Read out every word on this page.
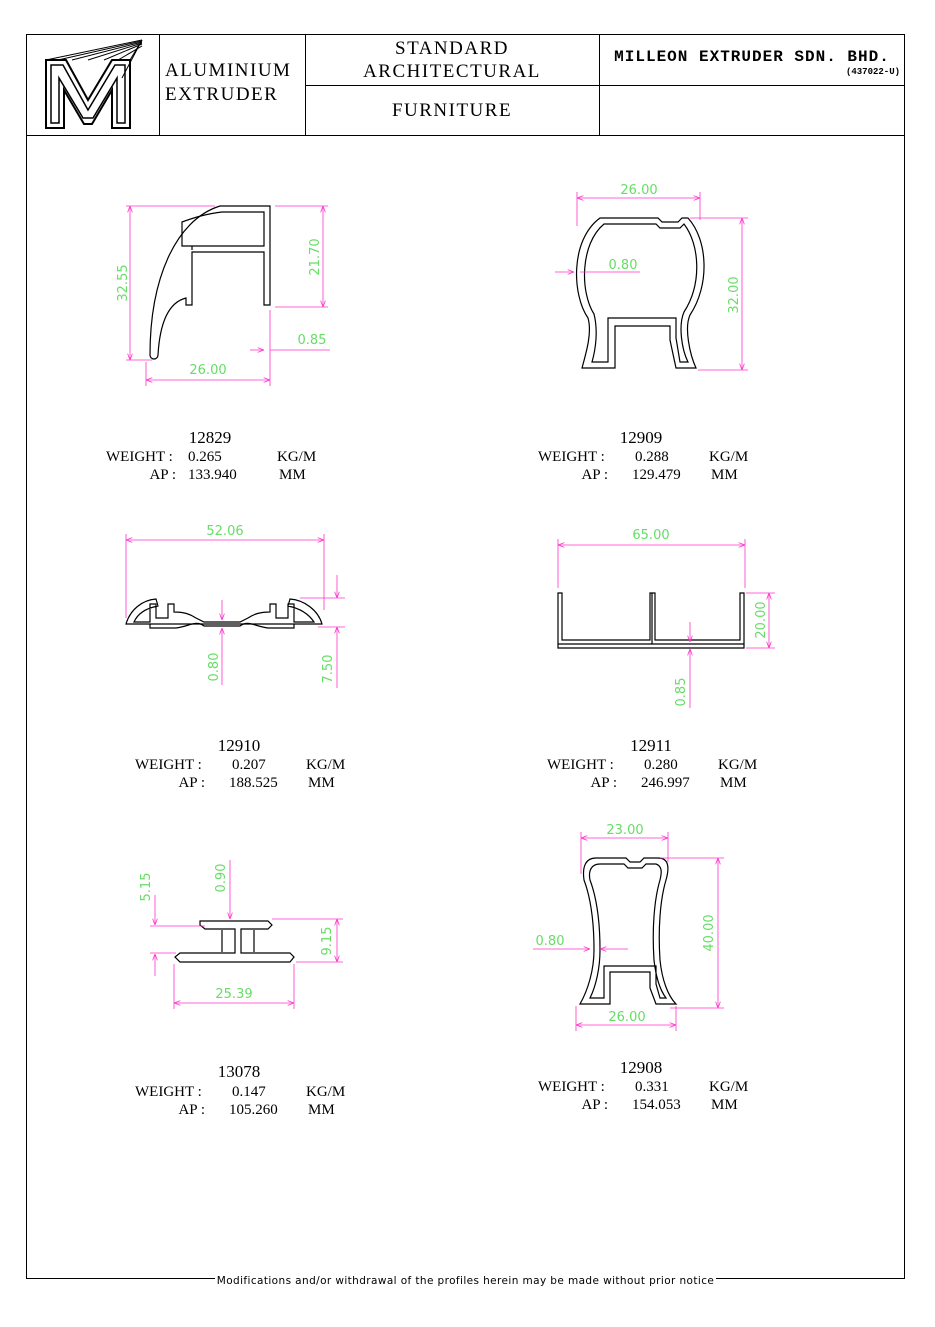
ALUMINIUM
EXTRUDER
STANDARD
ARCHITECTURAL
FURNITURE
MILLEON EXTRUDER SDN. BHD.
(437022-U)
32.55
21.70
0.85
26.00
26.00
0.80
32.00
52.06
0.80	7.50
65.00
20.00
0.85
5.15	0.90
9.15
25.39
23.00
0.80	40.00
26.00
12829
WEIGHT : 0.265	KG/M
AP : 133.940	MM
12909
WEIGHT : 0.288	KG/M
AP : 129.479 MM
12910
WEIGHT : 0.207	KG/M
AP : 188.525 MM
12911
WEIGHT : 0.280	KG/M
AP : 246.997 MM
13078
WEIGHT : 0.147	KG/M
AP : 105.260 MM
12908
WEIGHT : 0.331	KG/M
AP : 154.053 MM
Modifications and/or withdrawal of the profiles herein may be made without prior notice
